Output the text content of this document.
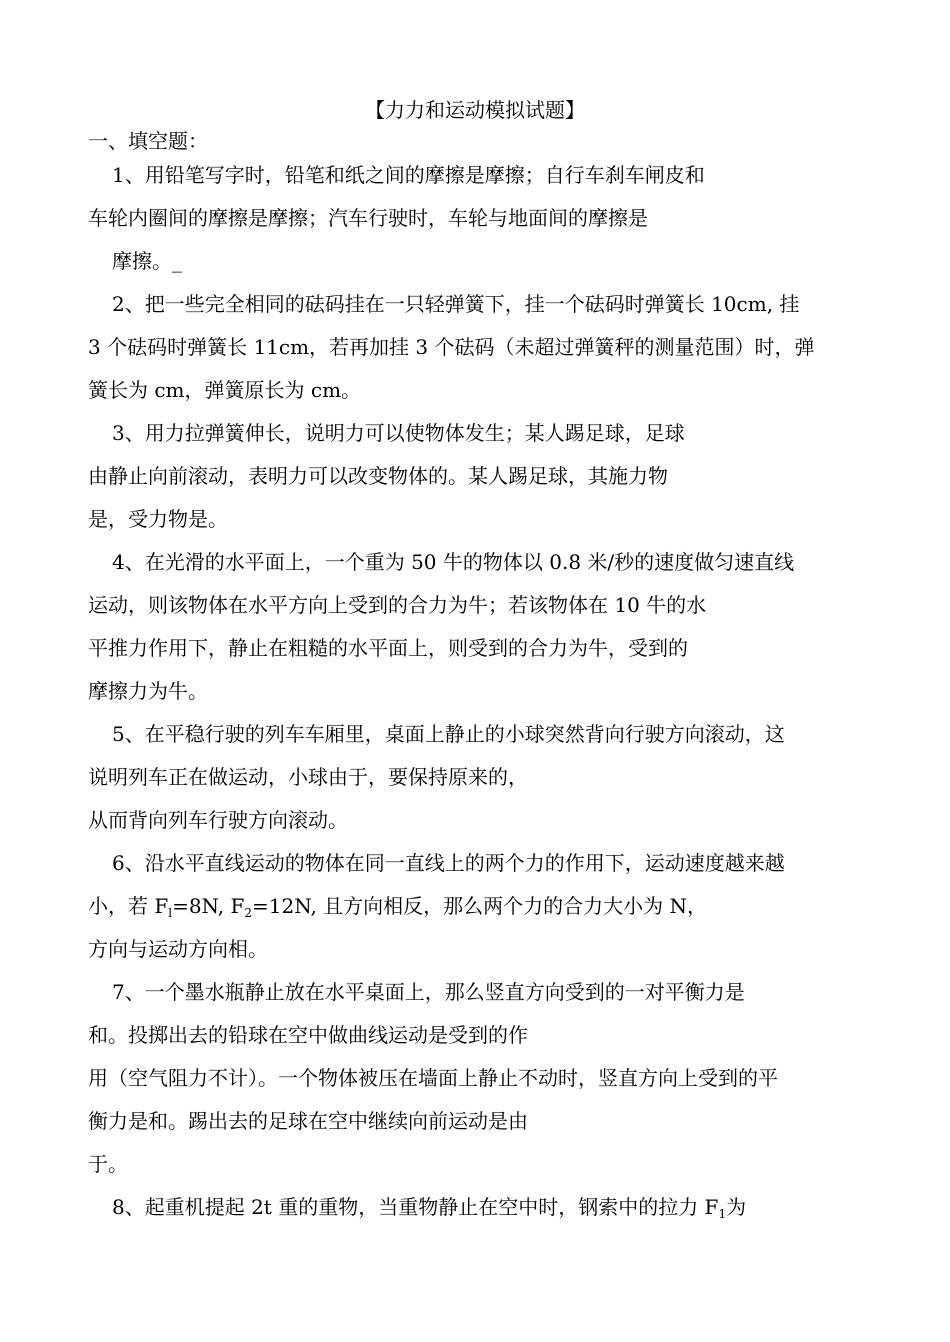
【力力和运动模拟试题】
一、填空题：
1、用铅笔写字时，铅笔和纸之间的摩擦是摩擦；自行车刹车闸皮和
车轮内圈间的摩擦是摩擦；汽车行驶时，车轮与地面间的摩擦是
摩擦。_
2、把一些完全相同的砝码挂在一只轻弹簧下，挂一个砝码时弹簧长 10cm, 挂
3 个砝码时弹簧长 11cm，若再加挂 3 个砝码（未超过弹簧秤的测量范围）时，弹
簧长为 cm，弹簧原长为 cm。
3、用力拉弹簧伸长，说明力可以使物体发生；某人踢足球，足球
由静止向前滚动，表明力可以改变物体的。某人踢足球，其施力物
是，受力物是。
4、在光滑的水平面上，一个重为 50 牛的物体以 0.8 米/秒的速度做匀速直线
运动，则该物体在水平方向上受到的合力为牛；若该物体在 10 牛的水
平推力作用下，静止在粗糙的水平面上，则受到的合力为牛，受到的
摩擦力为牛。
5、在平稳行驶的列车车厢里，桌面上静止的小球突然背向行驶方向滚动，这
说明列车正在做运动，小球由于，要保持原来的，
从而背向列车行驶方向滚动。
6、沿水平直线运动的物体在同一直线上的两个力的作用下，运动速度越来越
小，若 $F_l=8N$, $F_2=12N$, 且方向相反，那么两个力的合力大小为 N，
方向与运动方向相。
7、一个墨水瓶静止放在水平桌面上，那么竖直方向受到的一对平衡力是
和。投掷出去的铅球在空中做曲线运动是受到的作
用（空气阻力不计）。一个物体被压在墙面上静止不动时，竖直方向上受到的平
衡力是和。踢出去的足球在空中继续向前运动是由
于。
8、起重机提起 2t 重的重物，当重物静止在空中时，钢索中的拉力 $F_1$为
